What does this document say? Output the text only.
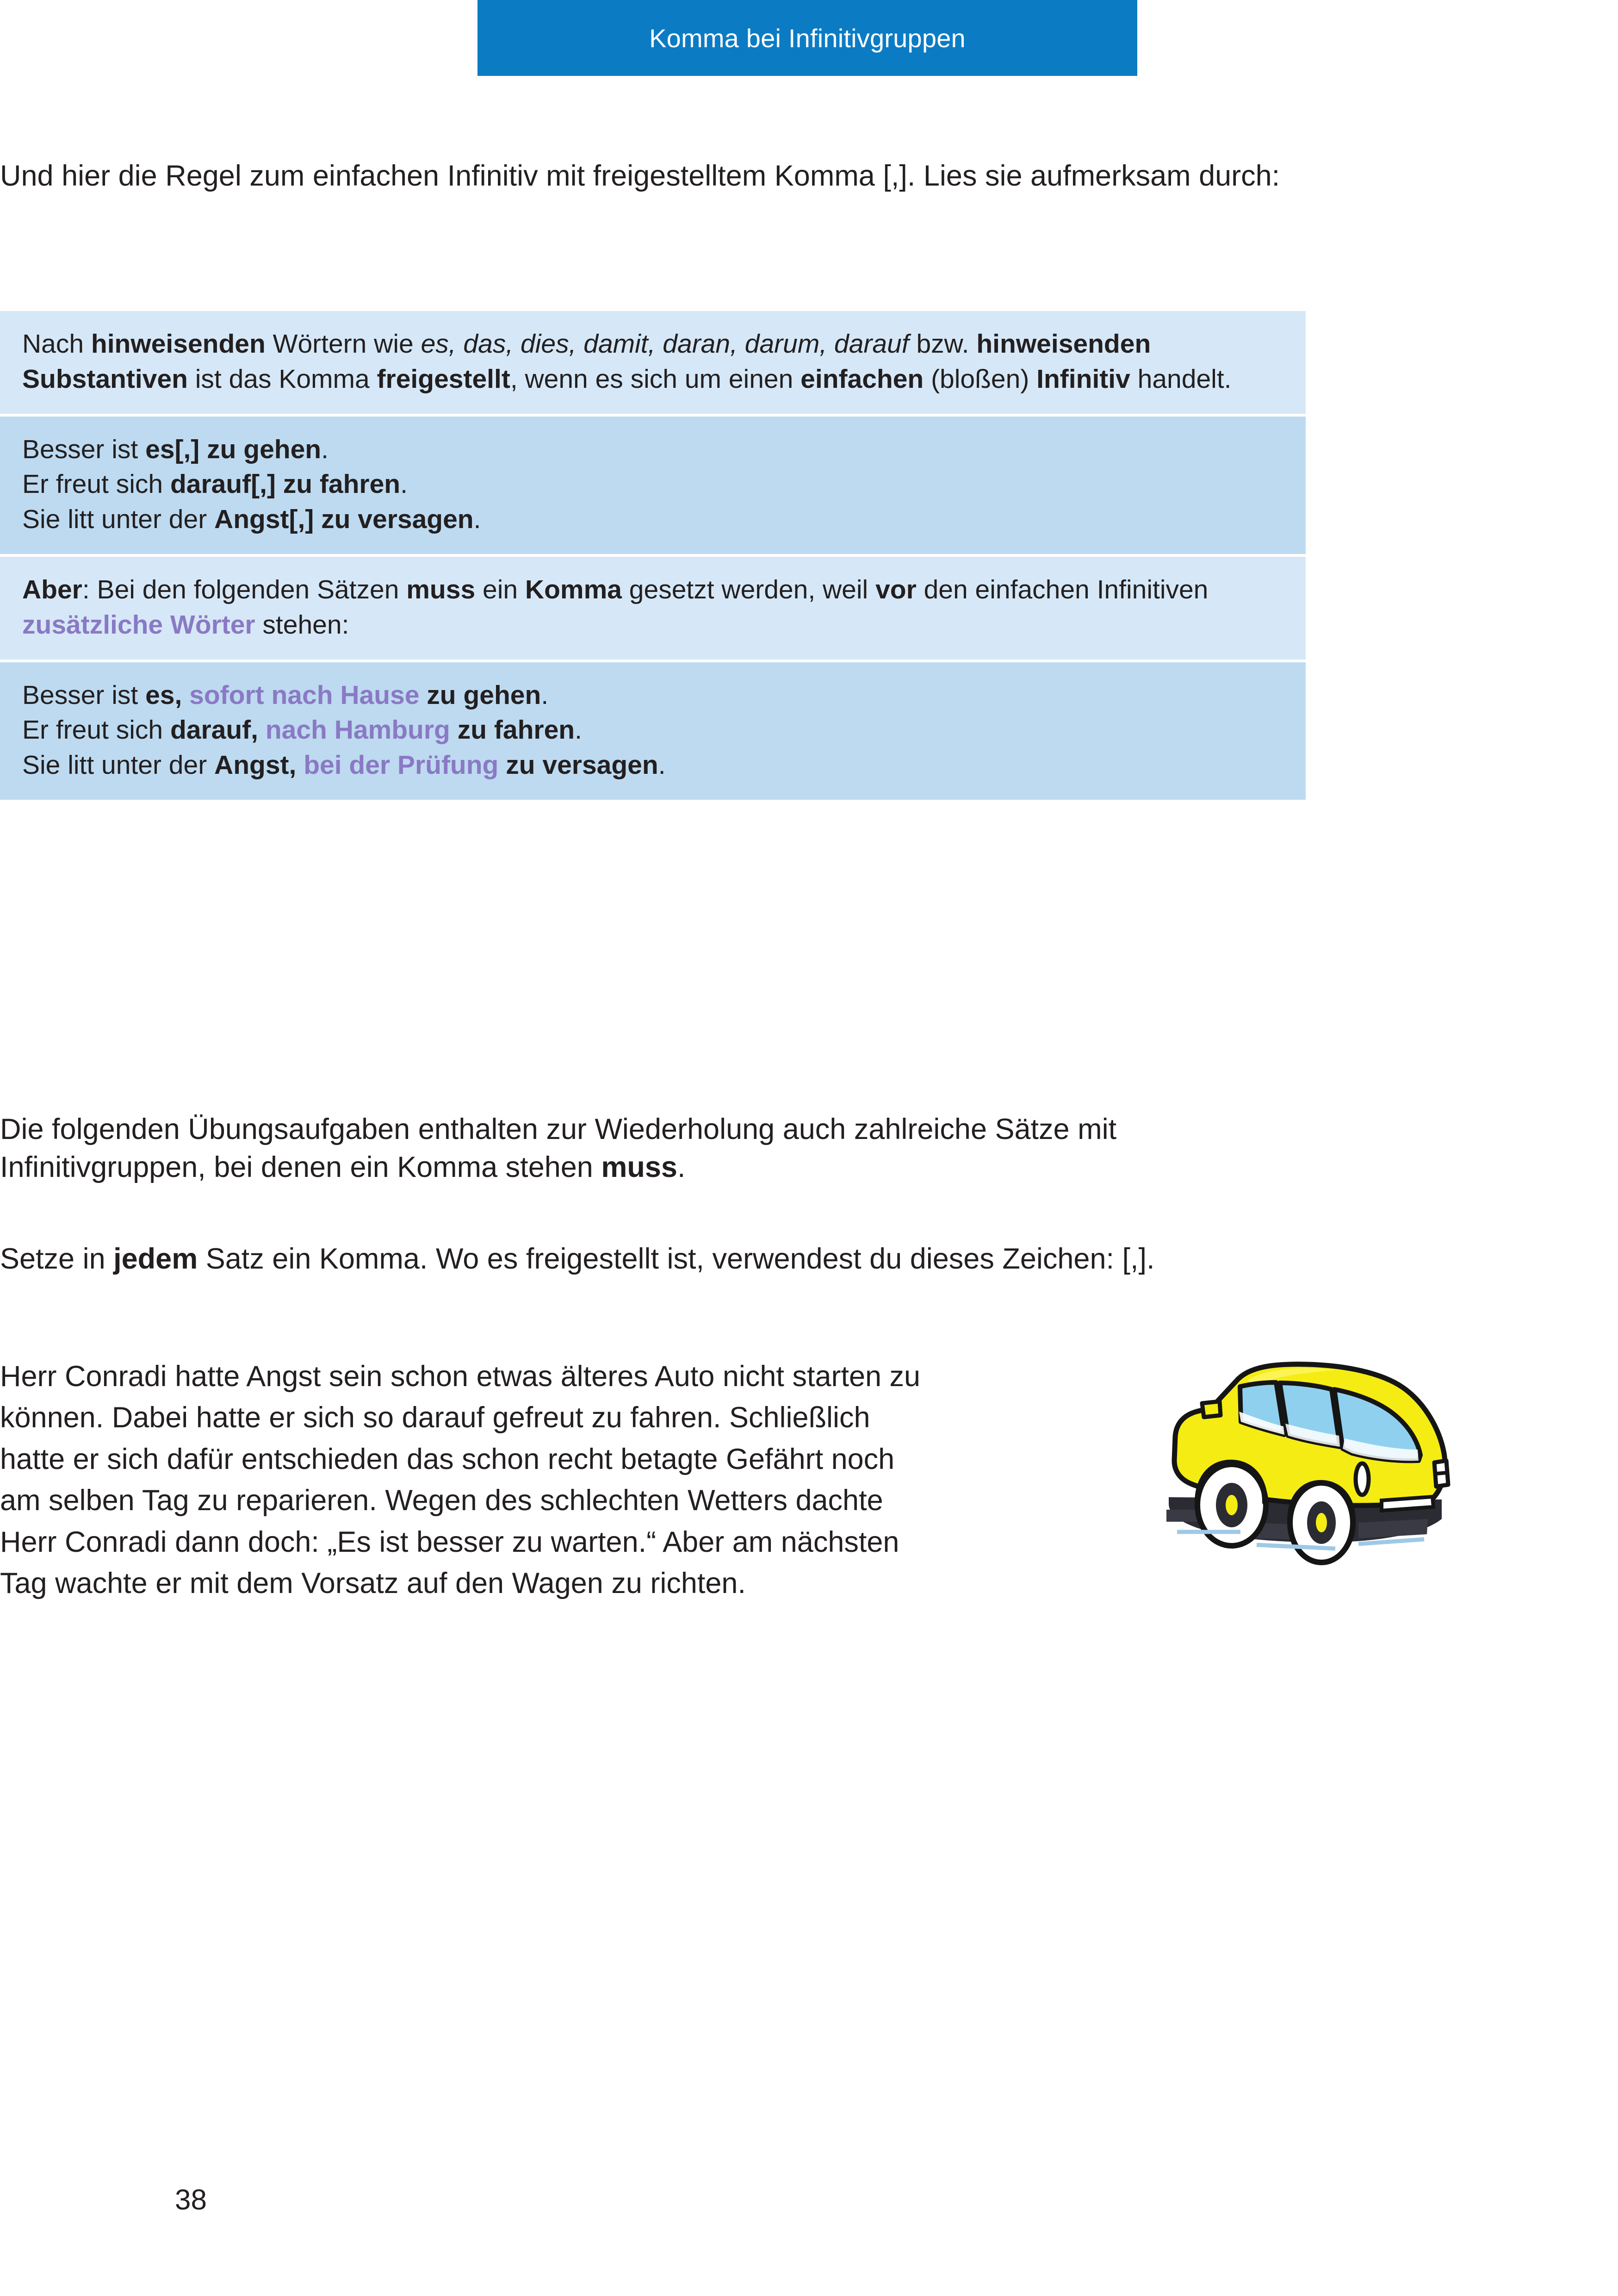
Komma bei Infinitivgruppen
Und hier die Regel zum einfachen Infinitiv mit freigestelltem Komma [,]. Lies sie aufmerksam durch:
Nach hinweisenden Wörtern wie es, das, dies, damit, daran, darum, darauf bzw. hinweisenden Substantiven ist das Komma freigestellt, wenn es sich um einen einfachen (bloßen) Infinitiv handelt.
Besser ist es[,] zu gehen.
Er freut sich darauf[,] zu fahren.
Sie litt unter der Angst[,] zu versagen.
Aber: Bei den folgenden Sätzen muss ein Komma gesetzt werden, weil vor den einfachen Infinitiven zusätzliche Wörter stehen:
Besser ist es, sofort nach Hause zu gehen.
Er freut sich darauf, nach Hamburg zu fahren.
Sie litt unter der Angst, bei der Prüfung zu versagen.
Die folgenden Übungsaufgaben enthalten zur Wiederholung auch zahlreiche Sätze mit Infinitivgruppen, bei denen ein Komma stehen muss.
Setze in jedem Satz ein Komma. Wo es freigestellt ist, verwendest du dieses Zeichen: [,].
Herr Conradi hatte Angst sein schon etwas älteres Auto nicht starten zu können. Dabei hatte er sich so darauf gefreut zu fahren. Schließlich hatte er sich dafür entschieden das schon recht betagte Gefährt noch am selben Tag zu reparieren. Wegen des schlechten Wetters dachte Herr Conradi dann doch: „Es ist besser zu warten.“ Aber am nächsten Tag wachte er mit dem Vorsatz auf den Wagen zu richten.
38
